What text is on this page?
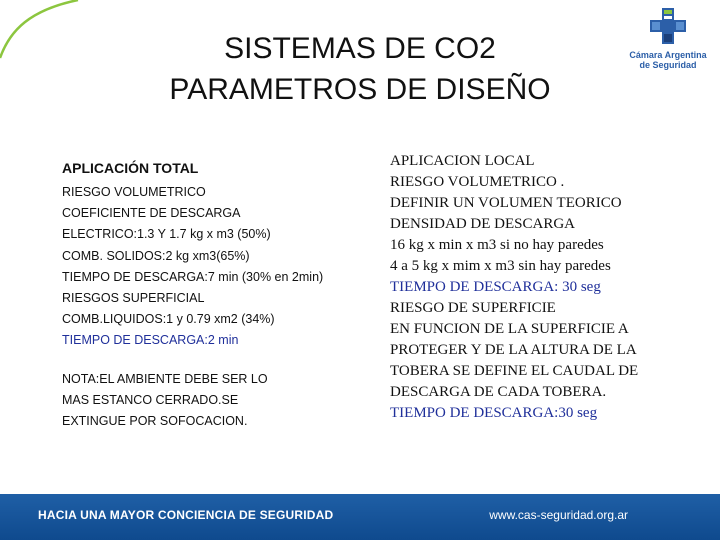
SISTEMAS DE CO2
PARAMETROS DE DISEÑO
Cámara Argentina
de Seguridad
APLICACIÓN TOTAL
RIESGO VOLUMETRICO
COEFICIENTE DE DESCARGA
ELECTRICO:1.3 Y 1.7 kg x m3 (50%)
COMB. SOLIDOS:2 kg xm3(65%)
TIEMPO DE DESCARGA:7 min (30% en 2min)
RIESGOS SUPERFICIAL
COMB.LIQUIDOS:1 y 0.79 xm2 (34%)
TIEMPO DE DESCARGA:2 min
NOTA:EL AMBIENTE DEBE SER LO
MAS ESTANCO CERRADO.SE
EXTINGUE POR SOFOCACION.
APLICACION LOCAL
RIESGO VOLUMETRICO .
DEFINIR UN VOLUMEN TEORICO
DENSIDAD DE DESCARGA
16 kg x min x m3 si no hay paredes
4 a 5 kg x mim x m3 sin hay paredes
TIEMPO DE DESCARGA: 30 seg
RIESGO DE SUPERFICIE
EN FUNCION DE LA SUPERFICIE A
PROTEGER Y DE LA ALTURA DE LA
TOBERA SE DEFINE EL CAUDAL DE
DESCARGA DE CADA TOBERA.
TIEMPO DE DESCARGA:30 seg
HACIA UNA MAYOR CONCIENCIA DE SEGURIDAD	www.cas-seguridad.org.ar
